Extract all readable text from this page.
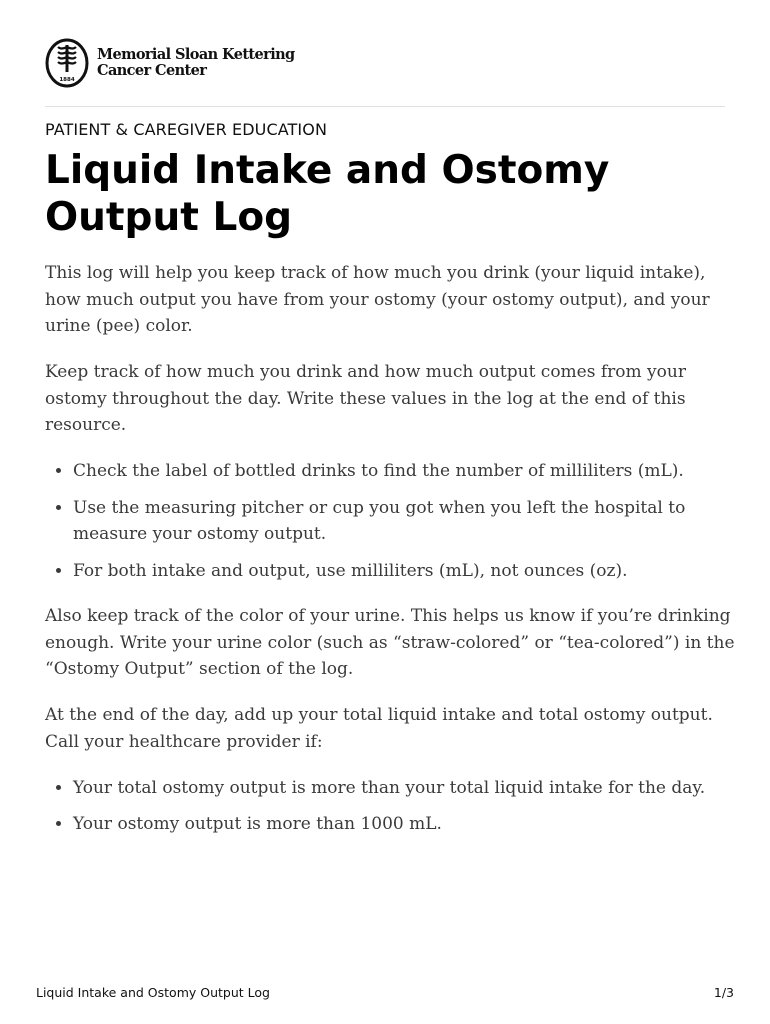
1884
Memorial Sloan Kettering
Cancer Center
PATIENT & CAREGIVER EDUCATION
Liquid Intake and Ostomy Output Log

This log will help you keep track of how much you drink (your liquid intake), how much output you have from your ostomy (your ostomy output), and your urine (pee) color.

Keep track of how much you drink and how much output comes from your ostomy throughout the day. Write these values in the log at the end of this resource.

• Check the label of bottled drinks to find the number of milliliters (mL).
• Use the measuring pitcher or cup you got when you left the hospital to measure your ostomy output.
• For both intake and output, use milliliters (mL), not ounces (oz).

Also keep track of the color of your urine. This helps us know if you’re drinking enough. Write your urine color (such as “straw-colored” or “tea-colored”) in the “Ostomy Output” section of the log.

At the end of the day, add up your total liquid intake and total ostomy output. Call your healthcare provider if:

• Your total ostomy output is more than your total liquid intake for the day.
• Your ostomy output is more than 1000 mL.
Liquid Intake and Ostomy Output Log	1/3
